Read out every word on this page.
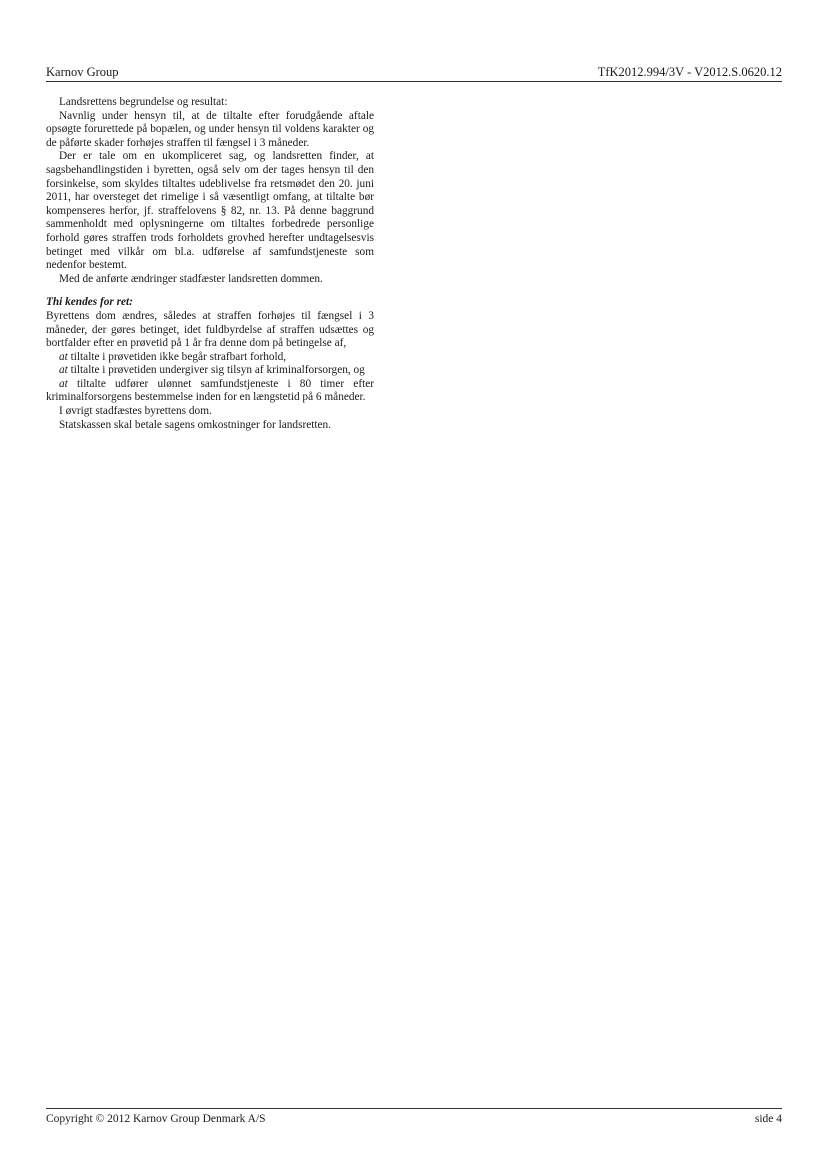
Karnov Group	TfK2012.994/3V - V2012.S.0620.12

Landsrettens begrundelse og resultat:

Navnlig under hensyn til, at de tiltalte efter forudgående aftale opsøgte forurettede på bopælen, og under hensyn til voldens karakter og de påførte skader forhøjes straffen til fængsel i 3 måneder.

Der er tale om en ukompliceret sag, og landsretten finder, at sagsbehandlingstiden i byretten, også selv om der tages hensyn til den forsinkelse, som skyldes tiltaltes udeblivelse fra retsmødet den 20. juni 2011, har oversteget det rimelige i så væsentligt omfang, at tiltalte bør kompenseres herfor, jf. straffelovens § 82, nr. 13. På denne baggrund sammenholdt med oplysningerne om tiltaltes forbedrede personlige forhold gøres straffen trods forholdets grovhed herefter undtagelsesvis betinget med vilkår om bl.a. udførelse af samfundstjeneste som nedenfor bestemt.

Med de anførte ændringer stadfæster landsretten dommen.

Thi kendes for ret:

Byrettens dom ændres, således at straffen forhøjes til fængsel i 3 måneder, der gøres betinget, idet fuldbyrdelse af straffen udsættes og bortfalder efter en prøvetid på 1 år fra denne dom på betingelse af,

at tiltalte i prøvetiden ikke begår strafbart forhold,

at tiltalte i prøvetiden undergiver sig tilsyn af kriminalforsorgen, og

at tiltalte udfører ulønnet samfundstjeneste i 80 timer efter kriminalforsorgens bestemmelse inden for en længstetid på 6 måneder.

I øvrigt stadfæstes byrettens dom.

Statskassen skal betale sagens omkostninger for landsretten.

Copyright © 2012 Karnov Group Denmark A/S	side 4
